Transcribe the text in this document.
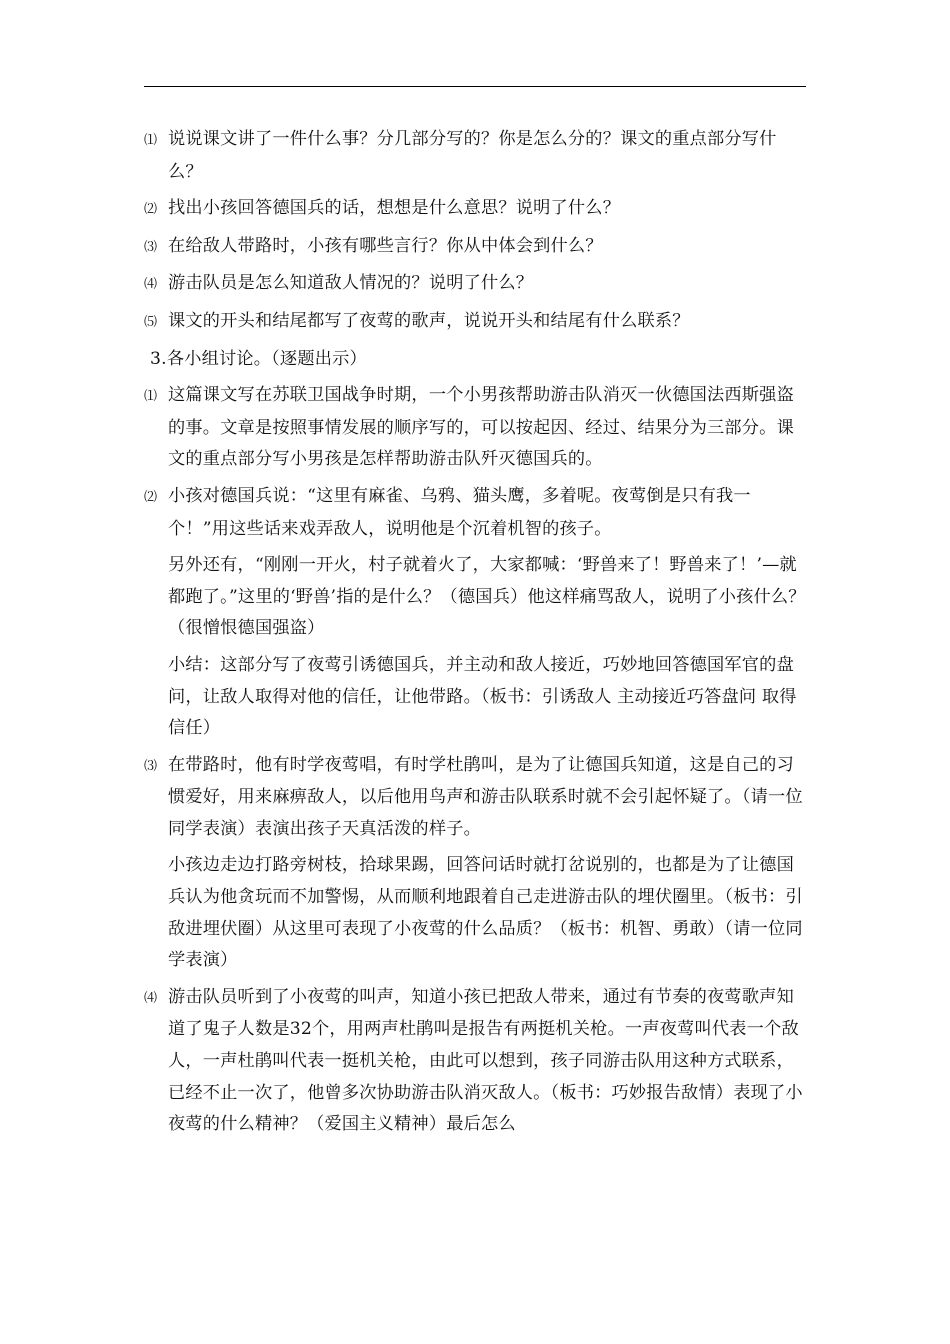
⑴ 说说课文讲了一件什么事？分几部分写的？你是怎么分的？课文的重点部分写什么？

⑵ 找出小孩回答德国兵的话，想想是什么意思？说明了什么？

⑶ 在给敌人带路时，小孩有哪些言行？你从中体会到什么？

⑷ 游击队员是怎么知道敌人情况的？说明了什么？

⑸ 课文的开头和结尾都写了夜莺的歌声，说说开头和结尾有什么联系？

3.各小组讨论。（逐题出示）

⑴ 这篇课文写在苏联卫国战争时期，一个小男孩帮助游击队消灭一伙德国法西斯强盗的事。文章是按照事情发展的顺序写的，可以按起因、经过、结果分为三部分。课文的重点部分写小男孩是怎样帮助游击队歼灭德国兵的。

⑵ 小孩对德国兵说：“这里有麻雀、乌鸦、猫头鹰，多着呢。夜莺倒是只有我一个！”用这些话来戏弄敌人，说明他是个沉着机智的孩子。

另外还有，“刚刚一开火，村子就着火了，大家都喊：‘野兽来了！野兽来了！’—就都跑了。”这里的‘野兽’指的是什么？（德国兵）他这样痛骂敌人，说明了小孩什么？（很憎恨德国强盗）

小结：这部分写了夜莺引诱德国兵，并主动和敌人接近，巧妙地回答德国军官的盘问，让敌人取得对他的信任，让他带路。（板书：引诱敌人 主动接近巧答盘问 取得信任）

⑶ 在带路时，他有时学夜莺唱，有时学杜鹃叫，是为了让德国兵知道，这是自己的习惯爱好，用来麻痹敌人，以后他用鸟声和游击队联系时就不会引起怀疑了。（请一位同学表演）表演出孩子天真活泼的样子。

小孩边走边打路旁树枝，拾球果踢，回答问话时就打岔说别的，也都是为了让德国兵认为他贪玩而不加警惕，从而顺利地跟着自己走进游击队的埋伏圈里。（板书：引敌进埋伏圈）从这里可表现了小夜莺的什么品质？（板书：机智、勇敢）（请一位同学表演）

⑷ 游击队员听到了小夜莺的叫声，知道小孩已把敌人带来，通过有节奏的夜莺歌声知道了鬼子人数是32个，用两声杜鹃叫是报告有两挺机关枪。一声夜莺叫代表一个敌人，一声杜鹃叫代表一挺机关枪，由此可以想到，孩子同游击队用这种方式联系，已经不止一次了，他曾多次协助游击队消灭敌人。（板书：巧妙报告敌情）表现了小夜莺的什么精神？（爱国主义精神）最后怎么
